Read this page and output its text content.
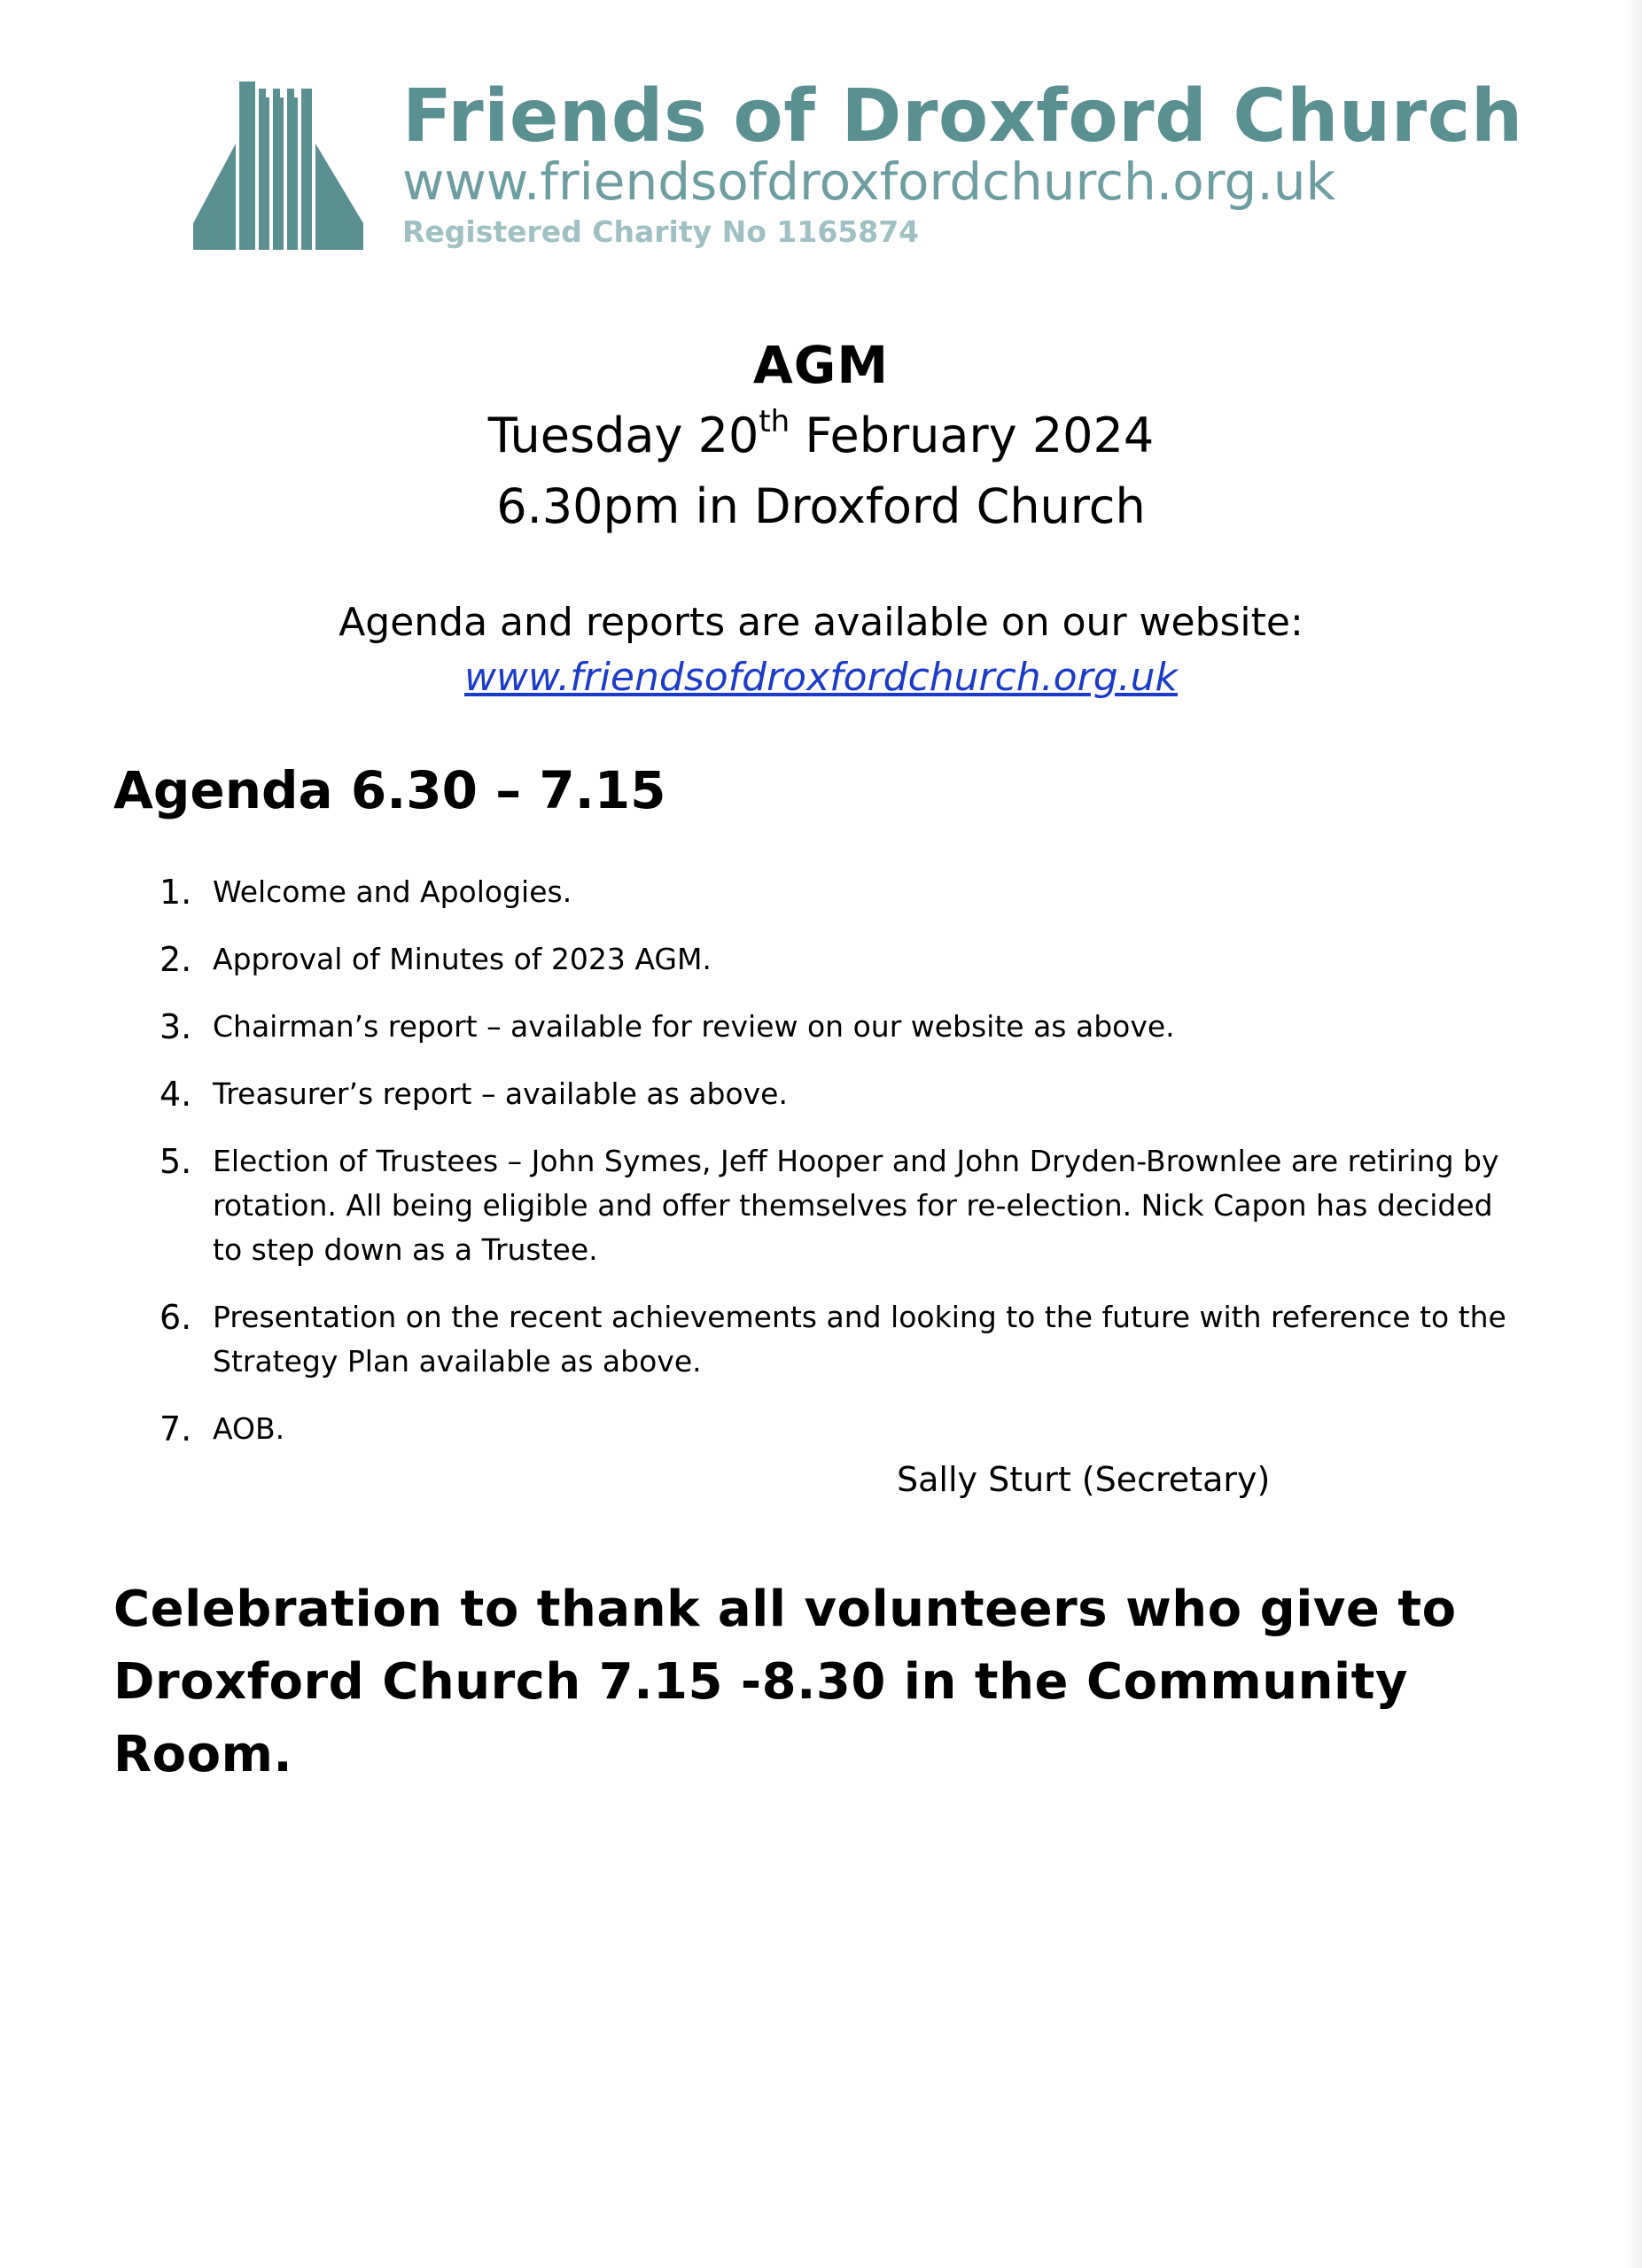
Friends of Droxford Church
www.friendsofdroxfordchurch.org.uk
Registered Charity No 1165874
AGM
Tuesday 20th February 2024
6.30pm in Droxford Church
Agenda and reports are available on our website:
www.friendsofdroxfordchurch.org.uk
Agenda 6.30 – 7.15
1. Welcome and Apologies.
2. Approval of Minutes of 2023 AGM.
3. Chairman’s report – available for review on our website as above.
4. Treasurer’s report – available as above.
5. Election of Trustees – John Symes, Jeff Hooper and John Dryden-Brownlee are retiring by rotation. All being eligible and offer themselves for re-election. Nick Capon has decided to step down as a Trustee.
6. Presentation on the recent achievements and looking to the future with reference to the Strategy Plan available as above.
7. AOB.
Sally Sturt (Secretary)
Celebration to thank all volunteers who give to Droxford Church 7.15 -8.30 in the Community Room.
